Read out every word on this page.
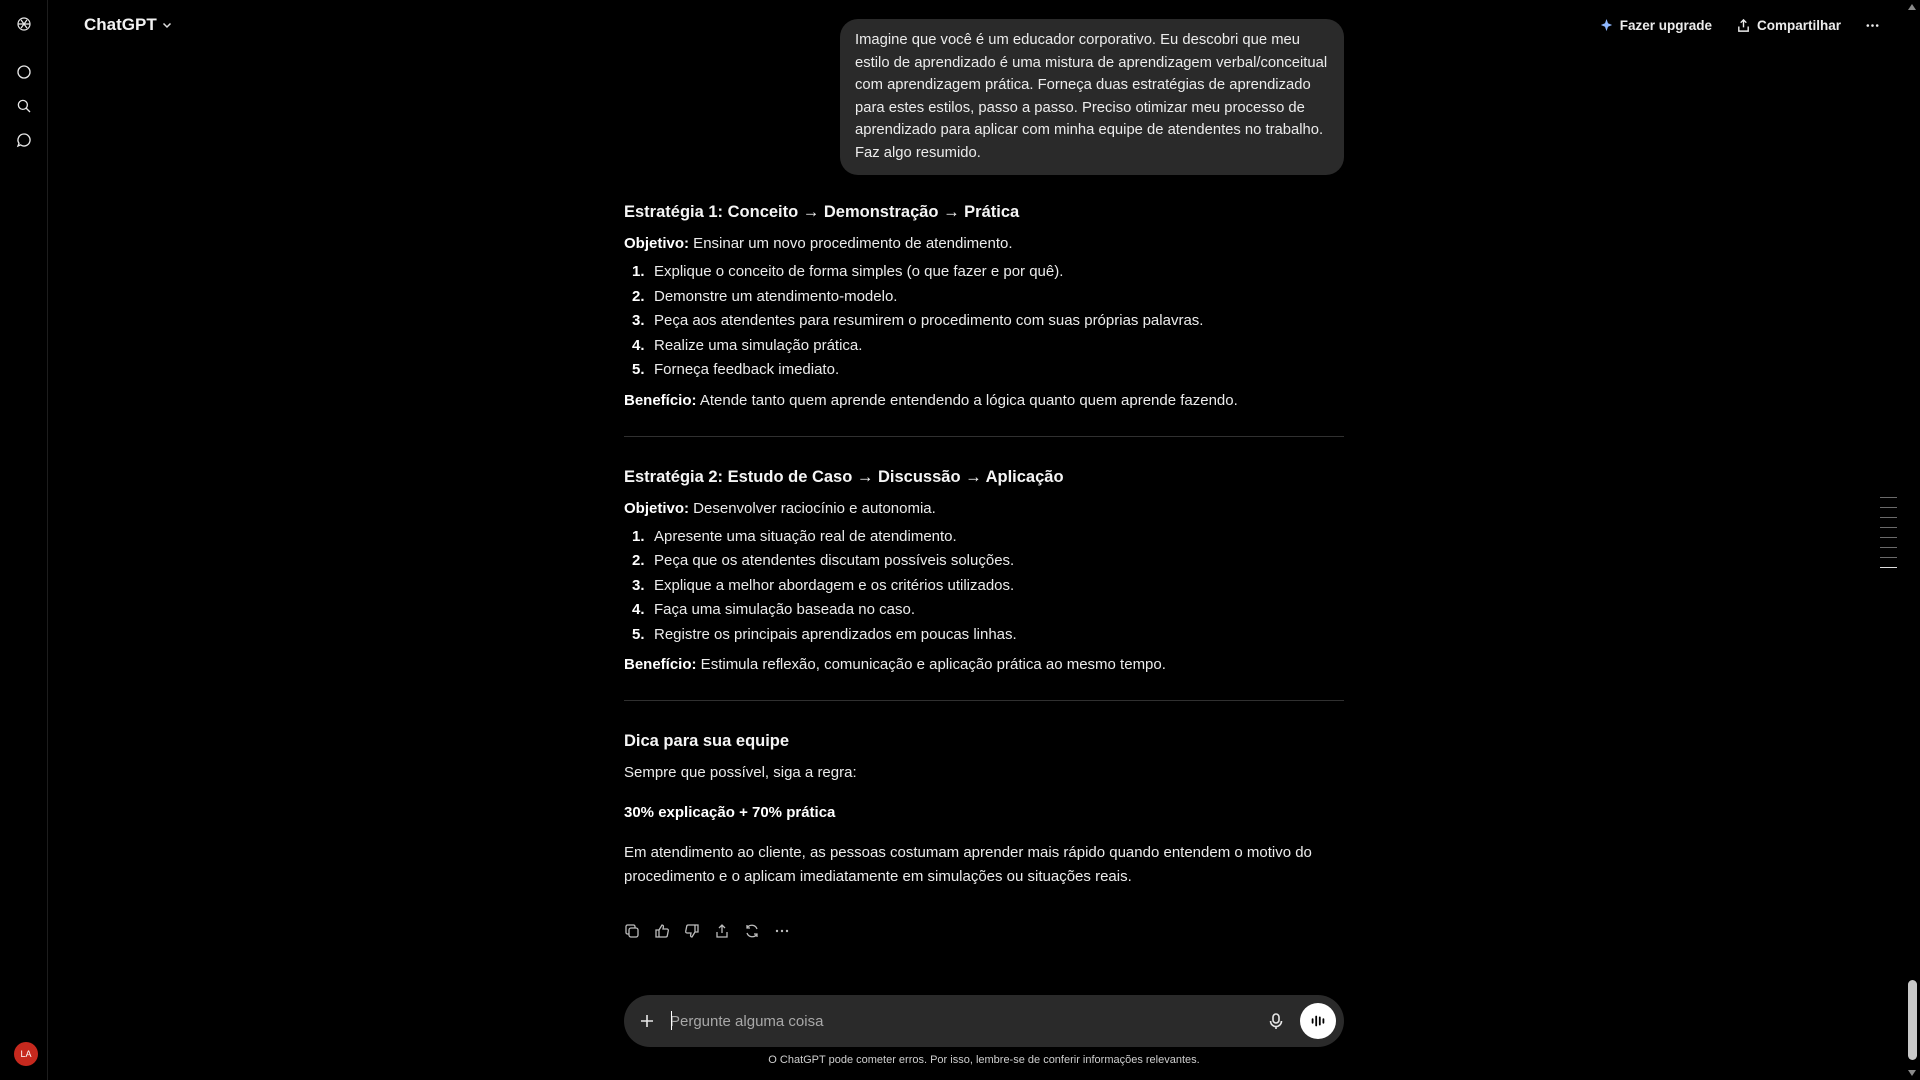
LA
ChatGPT	Fazer upgrade	Compartilhar
Imagine que você é um educador corporativo. Eu descobri que meu estilo de aprendizado é uma mistura de aprendizagem verbal/conceitual com aprendizagem prática. Forneça duas estratégias de aprendizado para estes estilos, passo a passo. Preciso otimizar meu processo de aprendizado para aplicar com minha equipe de atendentes no trabalho. Faz algo resumido.
Estratégia 1: Conceito → Demonstração → Prática

Objetivo: Ensinar um novo procedimento de atendimento.

1. Explique o conceito de forma simples (o que fazer e por quê).
2. Demonstre um atendimento-modelo.
3. Peça aos atendentes para resumirem o procedimento com suas próprias palavras.
4. Realize uma simulação prática.
5. Forneça feedback imediato.

Benefício: Atende tanto quem aprende entendendo a lógica quanto quem aprende fazendo.

Estratégia 2: Estudo de Caso → Discussão → Aplicação

Objetivo: Desenvolver raciocínio e autonomia.

1. Apresente uma situação real de atendimento.
2. Peça que os atendentes discutam possíveis soluções.
3. Explique a melhor abordagem e os critérios utilizados.
4. Faça uma simulação baseada no caso.
5. Registre os principais aprendizados em poucas linhas.

Benefício: Estimula reflexão, comunicação e aplicação prática ao mesmo tempo.

Dica para sua equipe

Sempre que possível, siga a regra:

30% explicação + 70% prática

Em atendimento ao cliente, as pessoas costumam aprender mais rápido quando entendem o motivo do procedimento e o aplicam imediatamente em simulações ou situações reais.

Pergunte alguma coisa
O ChatGPT pode cometer erros. Por isso, lembre-se de conferir informações relevantes.
